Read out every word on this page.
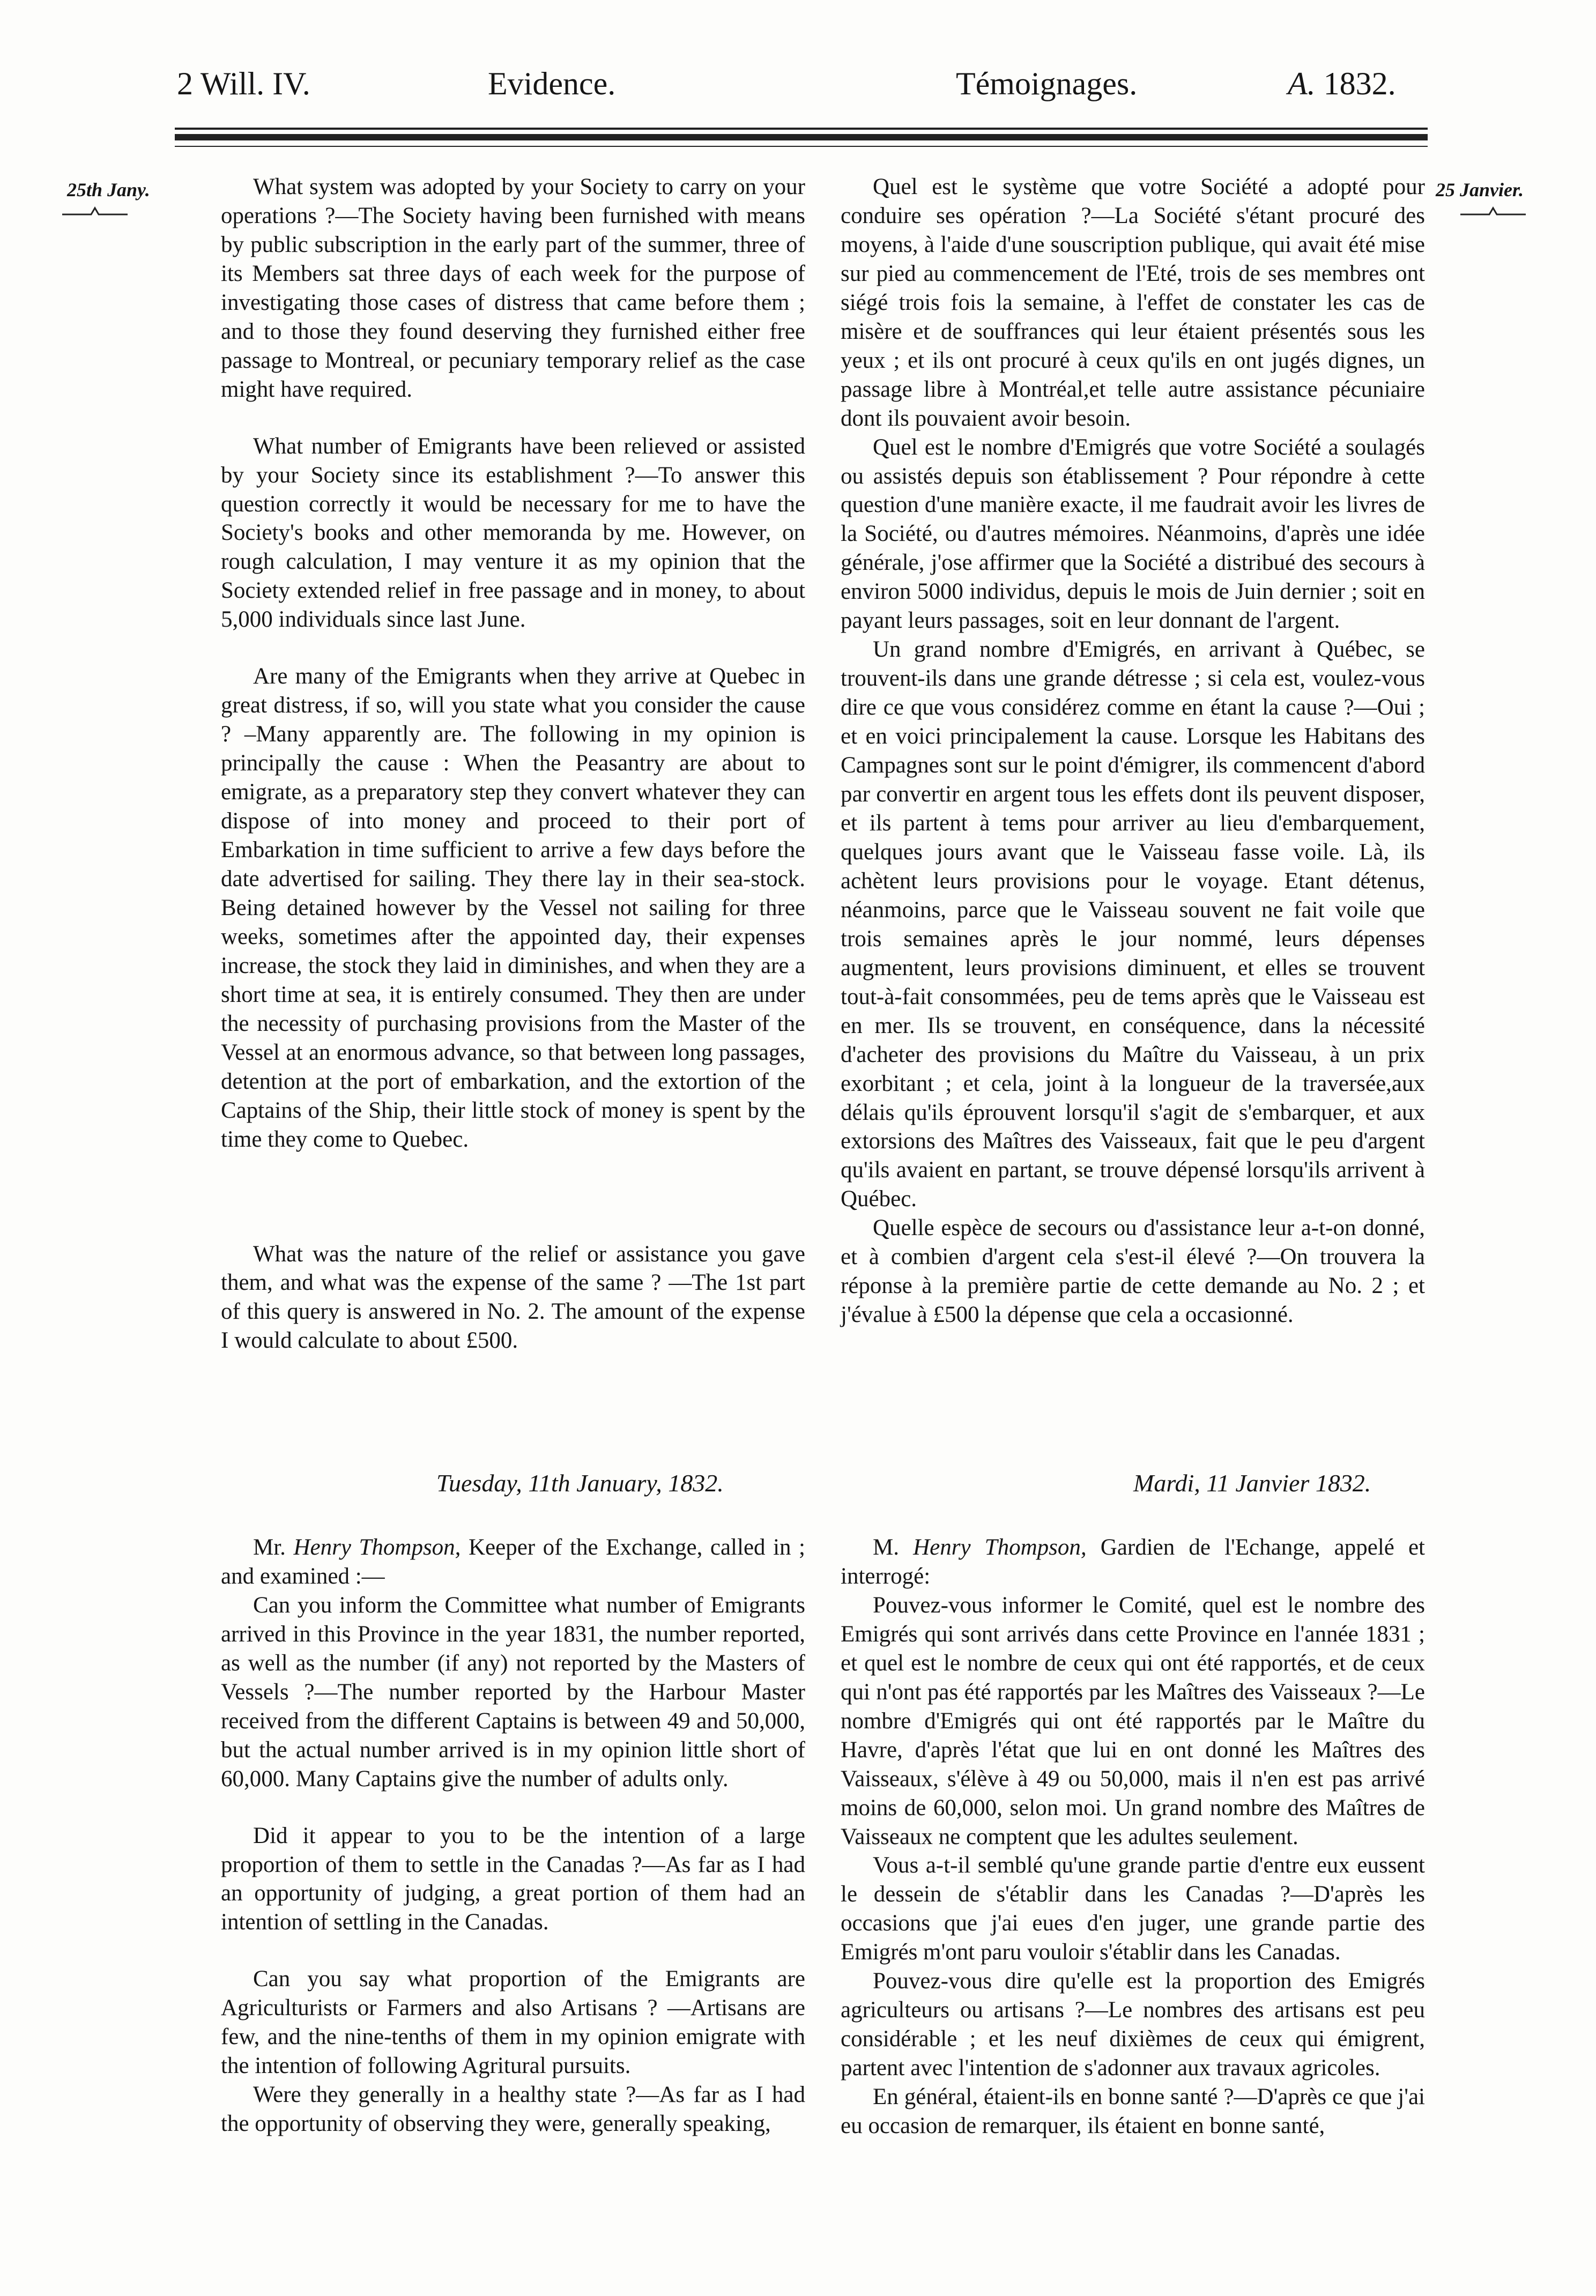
2 Will. IV.	Evidence.	Témoignages.	A. 1832.
25th Jany.	25 Janvier.

What system was adopted by your Society to carry on your operations ?—The Society having been furnished with means by public subscription in the early part of the summer, three of its Members sat three days of each week for the purpose of investigating those cases of distress that came before them ; and to those they found deserving they furnished either free passage to Montreal, or pecuniary temporary relief as the case might have required.

What number of Emigrants have been relieved or assisted by your Society since its establishment ?—To answer this question correctly it would be necessary for me to have the Society's books and other memoranda by me. However, on rough calculation, I may venture it as my opinion that the Society extended relief in free passage and in money, to about 5,000 individuals since last June.

Are many of the Emigrants when they arrive at Quebec in great distress, if so, will you state what you consider the cause ? –Many apparently are. The following in my opinion is principally the cause : When the Peasantry are about to emigrate, as a preparatory step they convert whatever they can dispose of into money and proceed to their port of Embarkation in time sufficient to arrive a few days before the date advertised for sailing. They there lay in their sea-stock. Being detained however by the Vessel not sailing for three weeks, sometimes after the appointed day, their expenses increase, the stock they laid in diminishes, and when they are a short time at sea, it is entirely consumed. They then are under the necessity of purchasing provisions from the Master of the Vessel at an enormous advance, so that between long passages, detention at the port of embarkation, and the extortion of the Captains of the Ship, their little stock of money is spent by the time they come to Quebec.

What was the nature of the relief or assistance you gave them, and what was the expense of the same ? —The 1st part of this query is answered in No. 2. The amount of the expense I would calculate to about £500.

Quel est le système que votre Société a adopté pour conduire ses opération ?—La Société s'étant procuré des moyens, à l'aide d'une souscription publique, qui avait été mise sur pied au commencement de l'Eté, trois de ses membres ont siégé trois fois la semaine, à l'effet de constater les cas de misère et de souffrances qui leur étaient présentés sous les yeux ; et ils ont procuré à ceux qu'ils en ont jugés dignes, un passage libre à Montréal,et telle autre assistance pécuniaire dont ils pouvaient avoir besoin.

Quel est le nombre d'Emigrés que votre Société a soulagés ou assistés depuis son établissement ? Pour répondre à cette question d'une manière exacte, il me faudrait avoir les livres de la Société, ou d'autres mémoires. Néanmoins, d'après une idée générale, j'ose affirmer que la Société a distribué des secours à environ 5000 individus, depuis le mois de Juin dernier ; soit en payant leurs passages, soit en leur donnant de l'argent.

Un grand nombre d'Emigrés, en arrivant à Québec, se trouvent-ils dans une grande détresse ; si cela est, voulez-vous dire ce que vous considérez comme en étant la cause ?—Oui ; et en voici principalement la cause. Lorsque les Habitans des Campagnes sont sur le point d'émigrer, ils commencent d'abord par convertir en argent tous les effets dont ils peuvent disposer, et ils partent à tems pour arriver au lieu d'embarquement, quelques jours avant que le Vaisseau fasse voile. Là, ils achètent leurs provisions pour le voyage. Etant détenus, néanmoins, parce que le Vaisseau souvent ne fait voile que trois semaines après le jour nommé, leurs dépenses augmentent, leurs provisions diminuent, et elles se trouvent tout-à-fait consommées, peu de tems après que le Vaisseau est en mer. Ils se trouvent, en conséquence, dans la nécessité d'acheter des provisions du Maître du Vaisseau, à un prix exorbitant ; et cela, joint à la longueur de la traversée,aux délais qu'ils éprouvent lorsqu'il s'agit de s'embarquer, et aux extorsions des Maîtres des Vaisseaux, fait que le peu d'argent qu'ils avaient en partant, se trouve dépensé lorsqu'ils arrivent à Québec.

Quelle espèce de secours ou d'assistance leur a-t-on donné, et à combien d'argent cela s'est-il élevé ?—On trouvera la réponse à la première partie de cette demande au No. 2 ; et j'évalue à £500 la dépense que cela a occasionné.

Tuesday, 11th January, 1832.	Mardi, 11 Janvier 1832.

Mr. Henry Thompson, Keeper of the Exchange, called in ; and examined :—

Can you inform the Committee what number of Emigrants arrived in this Province in the year 1831, the number reported, as well as the number (if any) not reported by the Masters of Vessels ?—The number reported by the Harbour Master received from the different Captains is between 49 and 50,000, but the actual number arrived is in my opinion little short of 60,000. Many Captains give the number of adults only.

Did it appear to you to be the intention of a large proportion of them to settle in the Canadas ?—As far as I had an opportunity of judging, a great portion of them had an intention of settling in the Canadas.

Can you say what proportion of the Emigrants are Agriculturists or Farmers and also Artisans ? —Artisans are few, and the nine-tenths of them in my opinion emigrate with the intention of following Agritural pursuits.

Were they generally in a healthy state ?—As far as I had the opportunity of observing they were, generally speaking,

M. Henry Thompson, Gardien de l'Echange, appelé et interrogé:

Pouvez-vous informer le Comité, quel est le nombre des Emigrés qui sont arrivés dans cette Province en l'année 1831 ; et quel est le nombre de ceux qui ont été rapportés, et de ceux qui n'ont pas été rapportés par les Maîtres des Vaisseaux ?—Le nombre d'Emigrés qui ont été rapportés par le Maître du Havre, d'après l'état que lui en ont donné les Maîtres des Vaisseaux, s'élève à 49 ou 50,000, mais il n'en est pas arrivé moins de 60,000, selon moi. Un grand nombre des Maîtres de Vaisseaux ne comptent que les adultes seulement.

Vous a-t-il semblé qu'une grande partie d'entre eux eussent le dessein de s'établir dans les Canadas ?—D'après les occasions que j'ai eues d'en juger, une grande partie des Emigrés m'ont paru vouloir s'établir dans les Canadas.

Pouvez-vous dire qu'elle est la proportion des Emigrés agriculteurs ou artisans ?—Le nombres des artisans est peu considérable ; et les neuf dixièmes de ceux qui émigrent, partent avec l'intention de s'adonner aux travaux agricoles.

En général, étaient-ils en bonne santé ?—D'après ce que j'ai eu occasion de remarquer, ils étaient en bonne santé,
